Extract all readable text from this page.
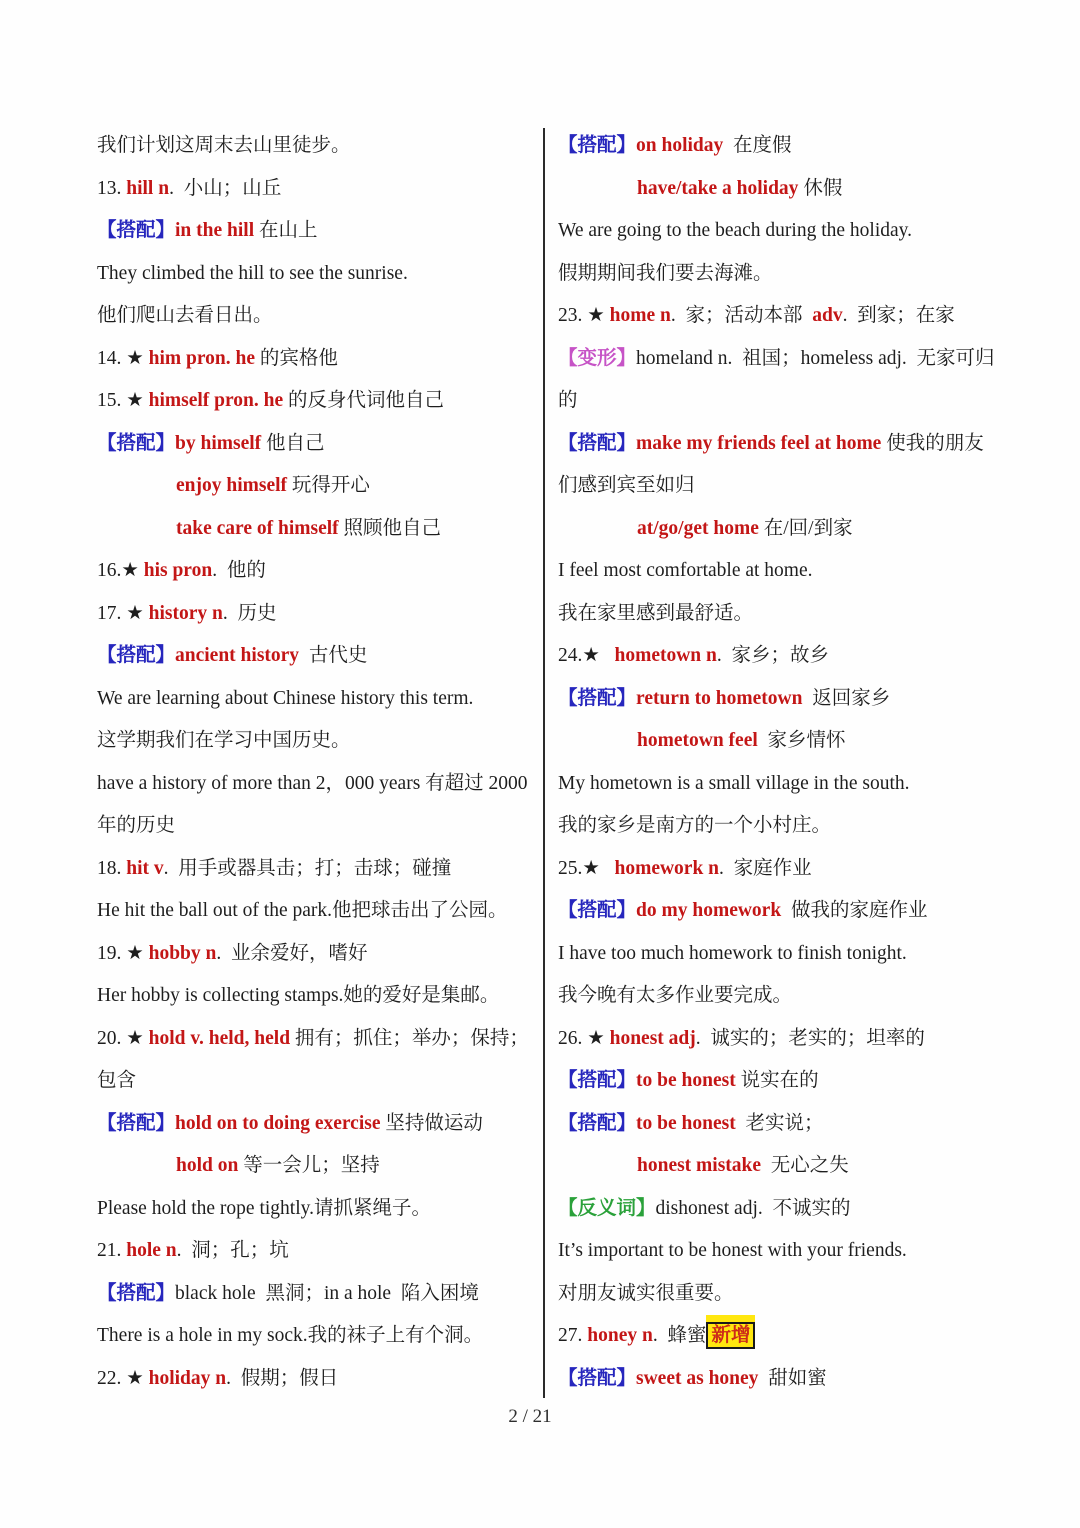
我们计划这周末去山里徒步。
13. hill n.  小山；山丘
【搭配】in the hill 在山上
They climbed the hill to see the sunrise.
他们爬山去看日出。
14. ★ him pron. he 的宾格他
15. ★ himself pron. he 的反身代词他自己
【搭配】by himself 他自己
enjoy himself 玩得开心
take care of himself 照顾他自己
16.★ his pron.  他的
17. ★ history n.  历史
【搭配】ancient history  古代史
We are learning about Chinese history this term.
这学期我们在学习中国历史。
have a history of more than 2，000 years 有超过 2000
年的历史
18. hit v.  用手或器具击；打；击球；碰撞
He hit the ball out of the park.他把球击出了公园。
19. ★ hobby n.  业余爱好，嗜好
Her hobby is collecting stamps.她的爱好是集邮。
20. ★ hold v. held, held 拥有；抓住；举办；保持；
包含
【搭配】hold on to doing exercise 坚持做运动
hold on 等一会儿；坚持
Please hold the rope tightly.请抓紧绳子。
21. hole n.  洞；孔；坑
【搭配】black hole  黑洞；in a hole  陷入困境
There is a hole in my sock.我的袜子上有个洞。
22. ★ holiday n.  假期；假日
【搭配】on holiday  在度假
have/take a holiday 休假
We are going to the beach during the holiday.
假期期间我们要去海滩。
23. ★ home n.  家；活动本部  adv.  到家；在家
【变形】homeland n.  祖国；homeless adj.  无家可归
的
【搭配】make my friends feel at home 使我的朋友
们感到宾至如归
at/go/get home 在/回/到家
I feel most comfortable at home.
我在家里感到最舒适。
24.★   hometown n.  家乡；故乡
【搭配】return to hometown  返回家乡
hometown feel  家乡情怀
My hometown is a small village in the south.
我的家乡是南方的一个小村庄。
25.★   homework n.  家庭作业
【搭配】do my homework  做我的家庭作业
I have too much homework to finish tonight.
我今晚有太多作业要完成。
26. ★ honest adj.  诚实的；老实的；坦率的
【搭配】to be honest 说实在的
【搭配】to be honest  老实说；
honest mistake  无心之失
【反义词】dishonest adj.  不诚实的
It’s important to be honest with your friends.
对朋友诚实很重要。
27. honey n.  蜂蜜 新增
【搭配】sweet as honey  甜如蜜
2 / 21
